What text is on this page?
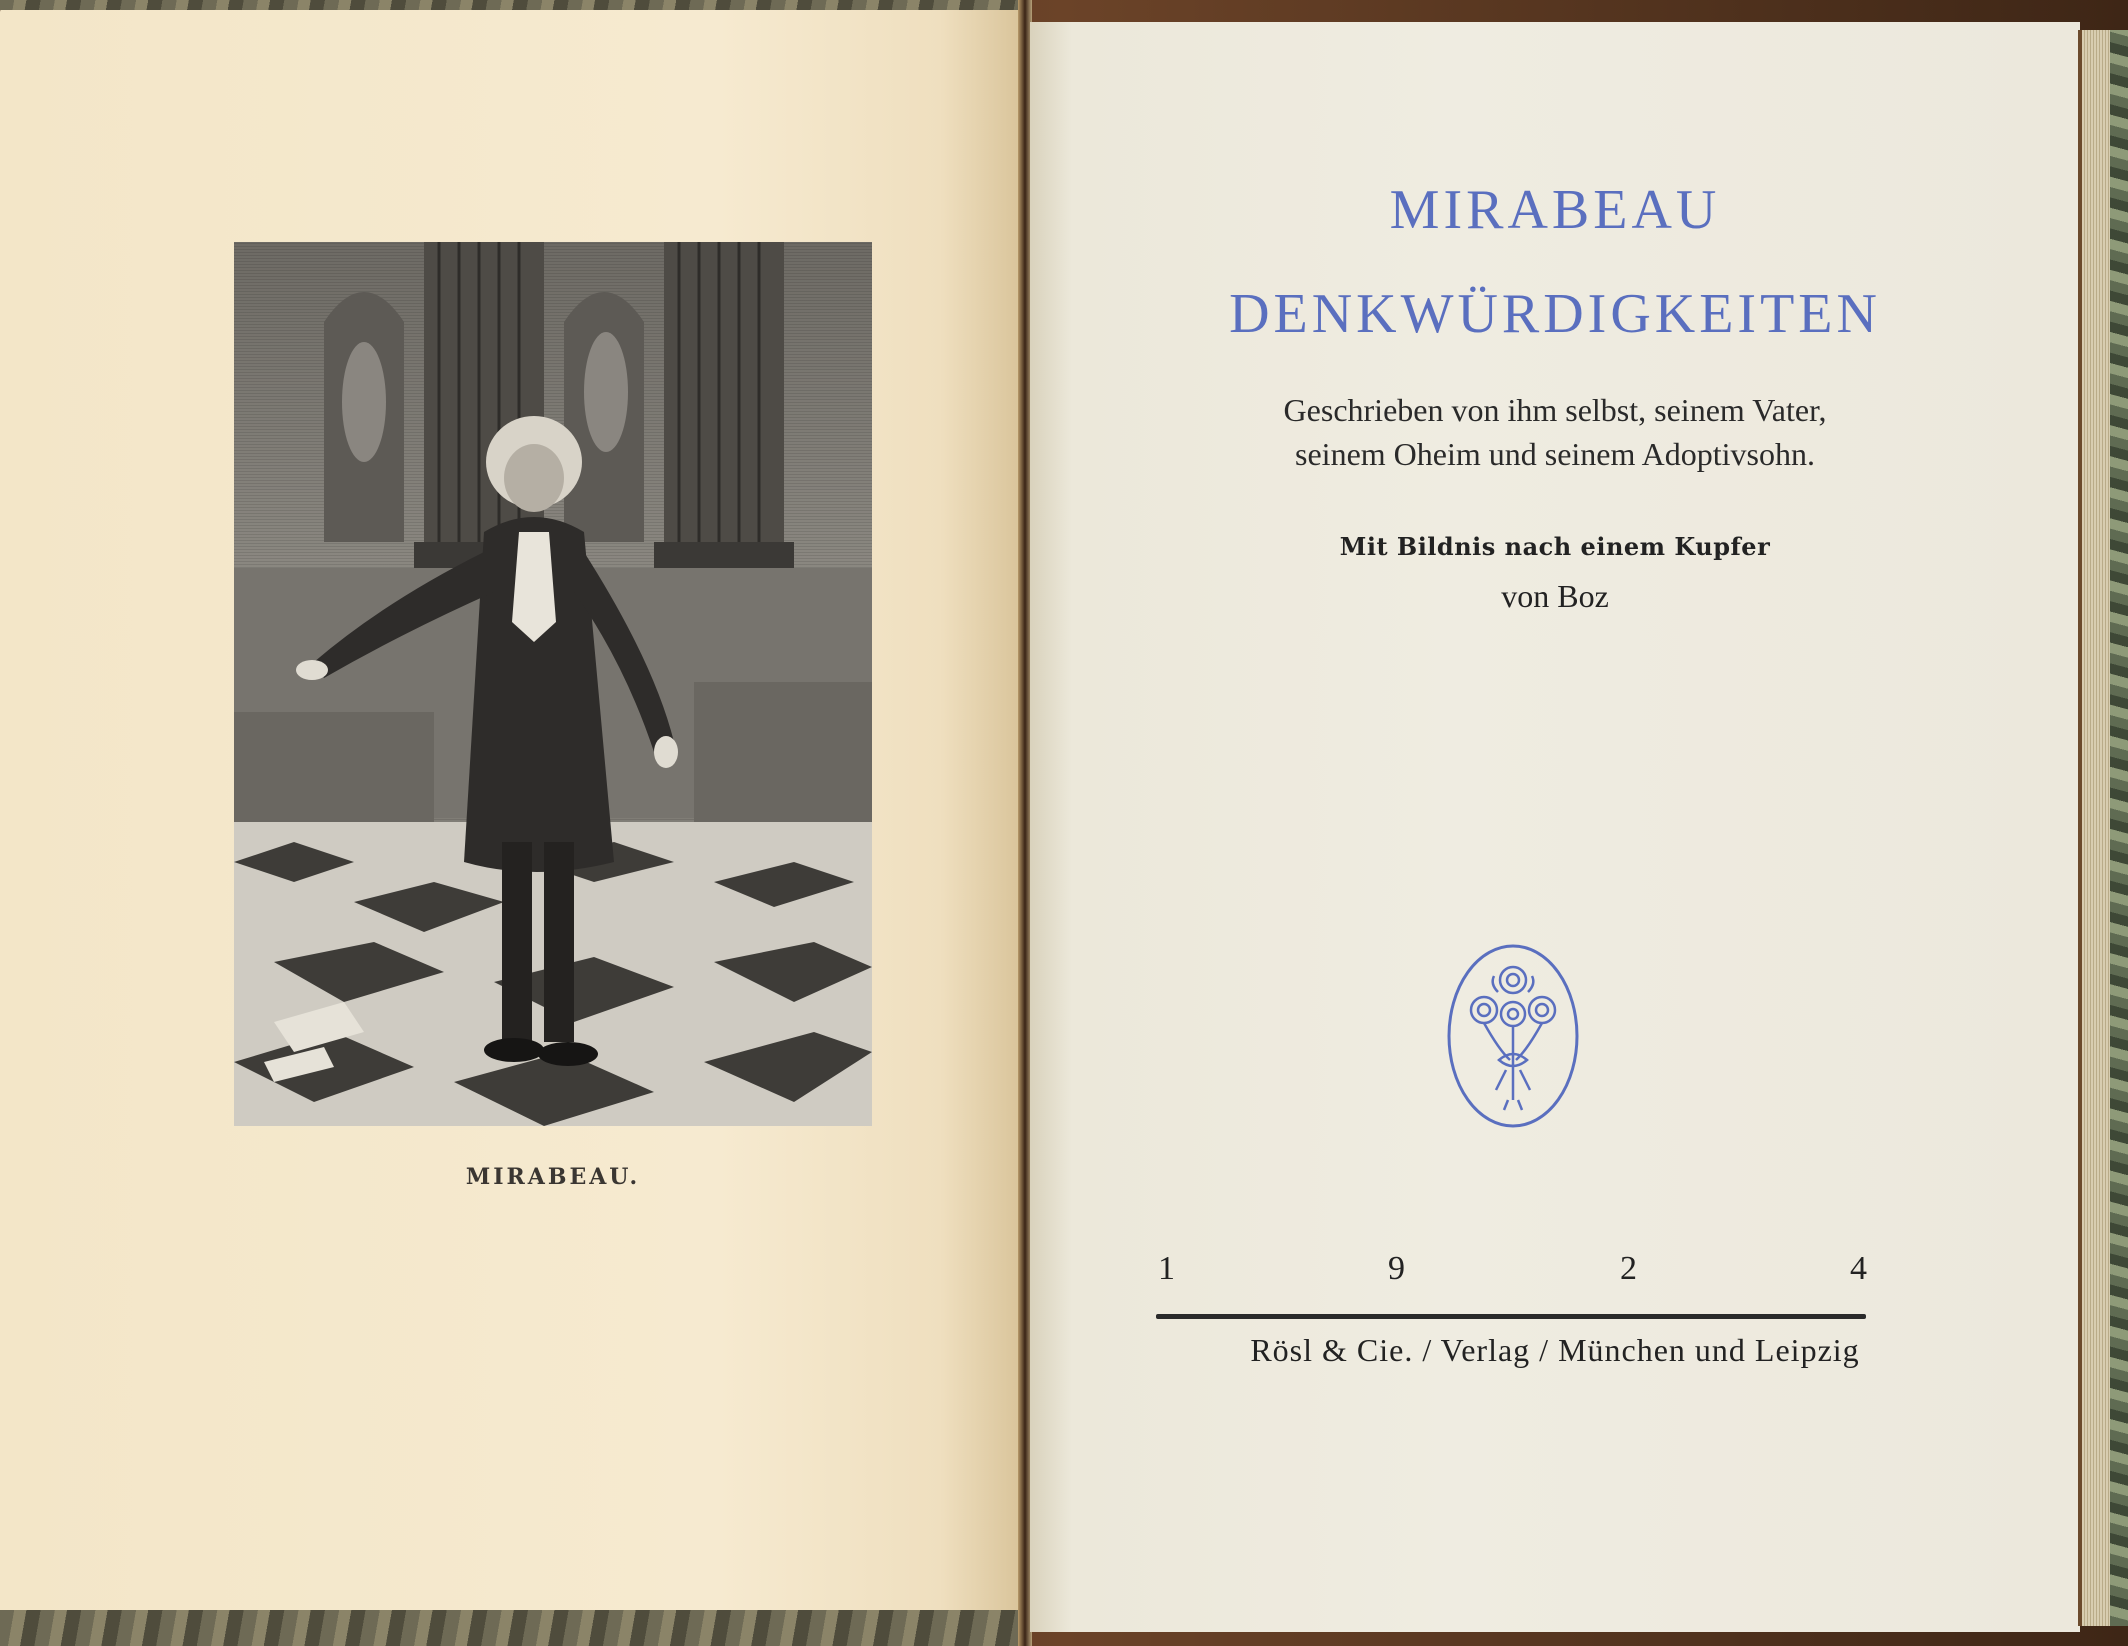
MIRABEAU.
MIRABEAU
DENKWÜRDIGKEITEN
Geschrieben von ihm selbst, seinem Vater,
seinem Oheim und seinem Adoptivsohn.
Mit Bildnis nach einem Kupfer
von Boz
1	9	2	4
Rösl & Cie. / Verlag / München und Leipzig
